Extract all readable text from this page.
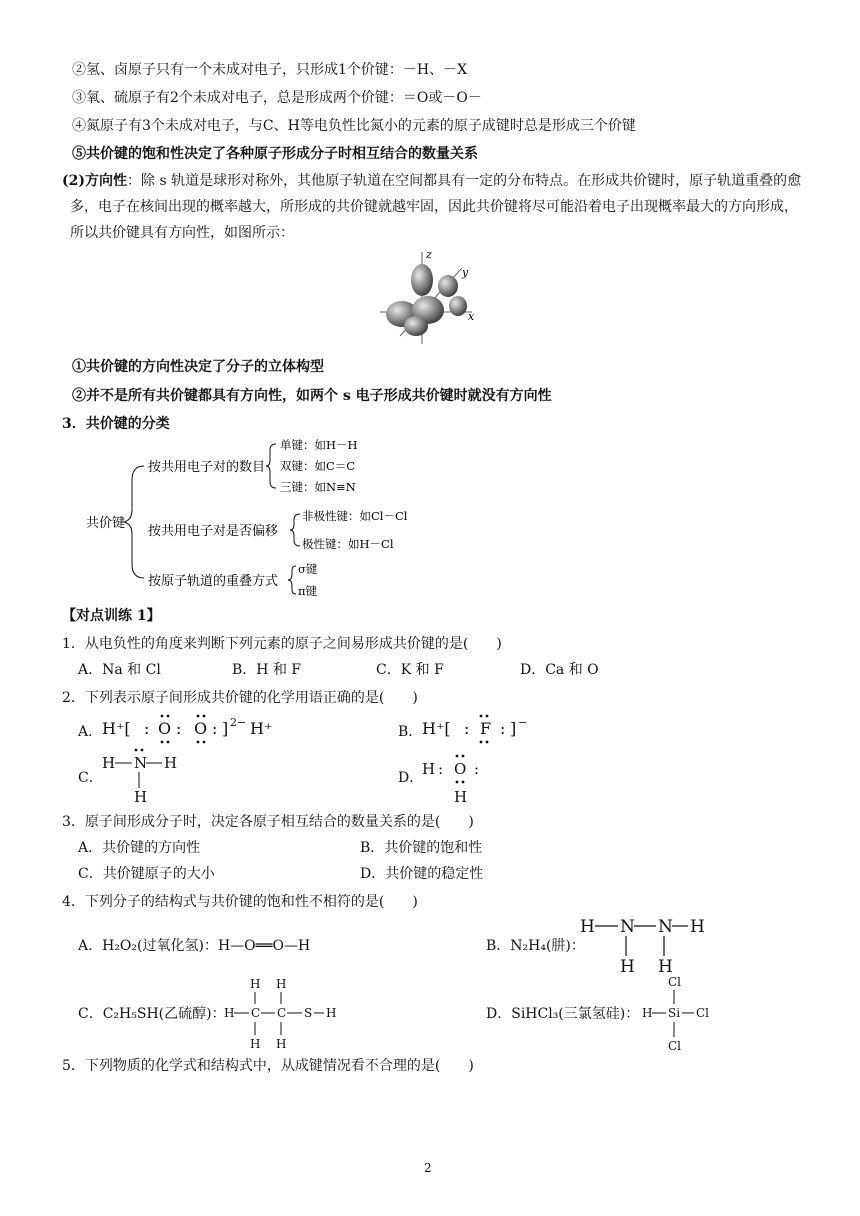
②氢、卤原子只有一个未成对电子，只形成1个价键：－H、－X
③氧、硫原子有2个未成对电子，总是形成两个价键：＝O或－O－
④氮原子有3个未成对电子，与C、H等电负性比氮小的元素的原子成键时总是形成三个价键
⑤共价键的饱和性决定了各种原子形成分子时相互结合的数量关系
(2)方向性：除 s 轨道是球形对称外，其他原子轨道在空间都具有一定的分布特点。在形成共价键时，原子轨道重叠的愈多，电子在核间出现的概率越大，所形成的共价键就越牢固，因此共价键将尽可能沿着电子出现概率最大的方向形成，所以共价键具有方向性，如图所示：
z
y
x
①共价键的方向性决定了分子的立体构型
②并不是所有共价键都具有方向性，如两个 s 电子形成共价键时就没有方向性
3．共价键的分类
共价键
按共用电子对的数目
单键：如H－H
双键：如C＝C
三键：如N≡N
按共用电子对是否偏移
非极性键：如Cl－Cl
极性键：如H－Cl
按原子轨道的重叠方式
σ键
π键
【对点训练 1】
1．从电负性的角度来判断下列元素的原子之间易形成共价键的是(　　)
A．Na 和 Cl	B．H 和 F	C．K 和 F	D．Ca 和 O
2．下列表示原子间形成共价键的化学用语正确的是(　　)
A． H⁺[ : O : O : ] 2− H⁺	B． H⁺[ : F : ] −
C．
H N H
H
D．
H : O :
H
3．原子间形成分子时，决定各原子相互结合的数量关系的是(　　)
A．共价键的方向性	B．共价键的饱和性
C．共价键原子的大小	D．共价键的稳定性
4．下列分子的结构式与共价键的饱和性不相符的是(　　)
A．H₂O₂(过氧化氢)：H—O══O—H	B．N₂H₄(肼)：
H N N H
H H
C．C₂H₅SH(乙硫醇)：
H H
H C C S H
H H
D．SiHCl₃(三氯氢硅)：
Cl
H Si Cl
Cl
5．下列物质的化学式和结构式中，从成键情况看不合理的是(　　)
2
